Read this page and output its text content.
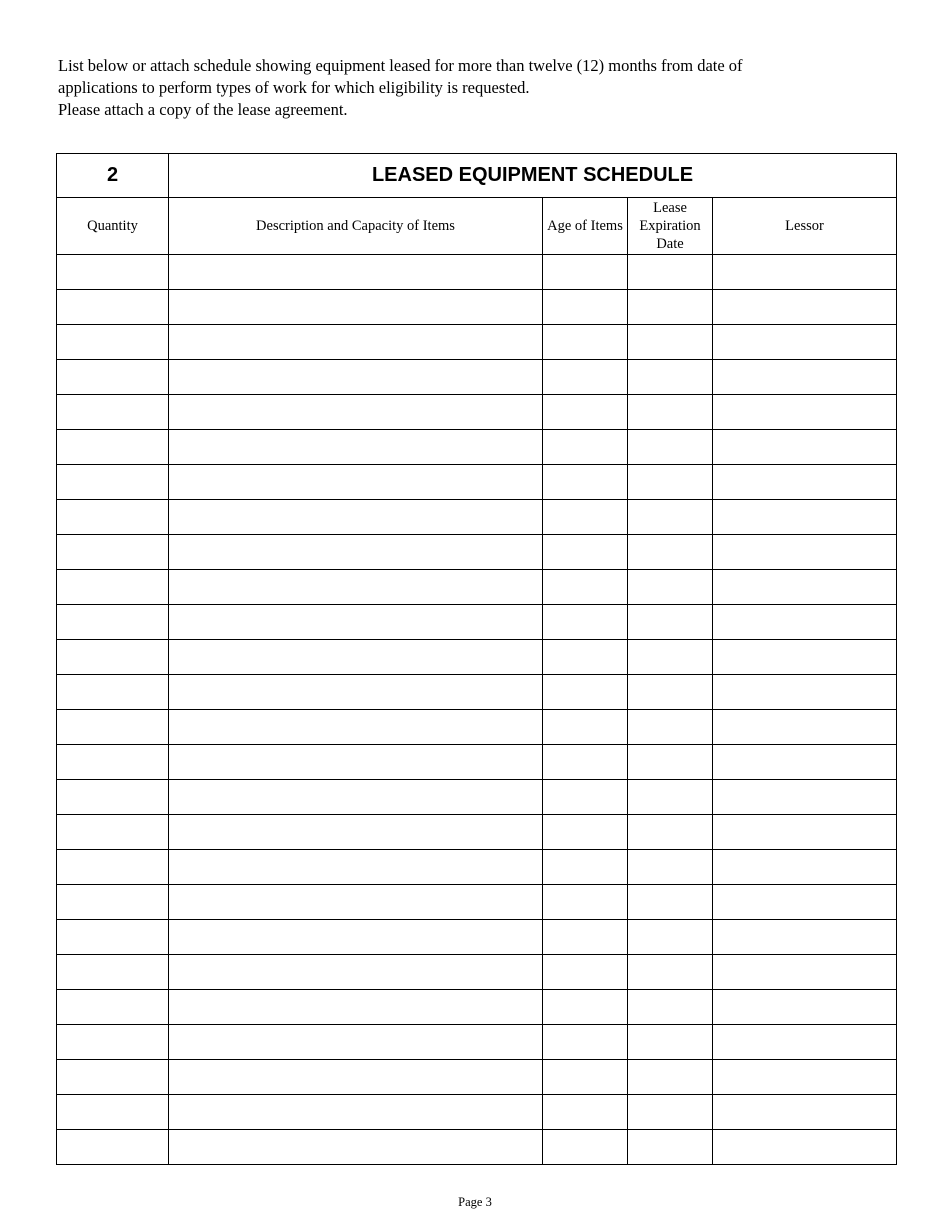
List below or attach schedule showing equipment leased for more than twelve (12) months from date of
applications to perform types of work for which eligibility is requested.
Please attach a copy of the lease agreement.
2	LEASED EQUIPMENT SCHEDULE			
Quantity	Description and Capacity of Items	Age of Items	Lease
Expiration
Date	Lessor

Page 3
